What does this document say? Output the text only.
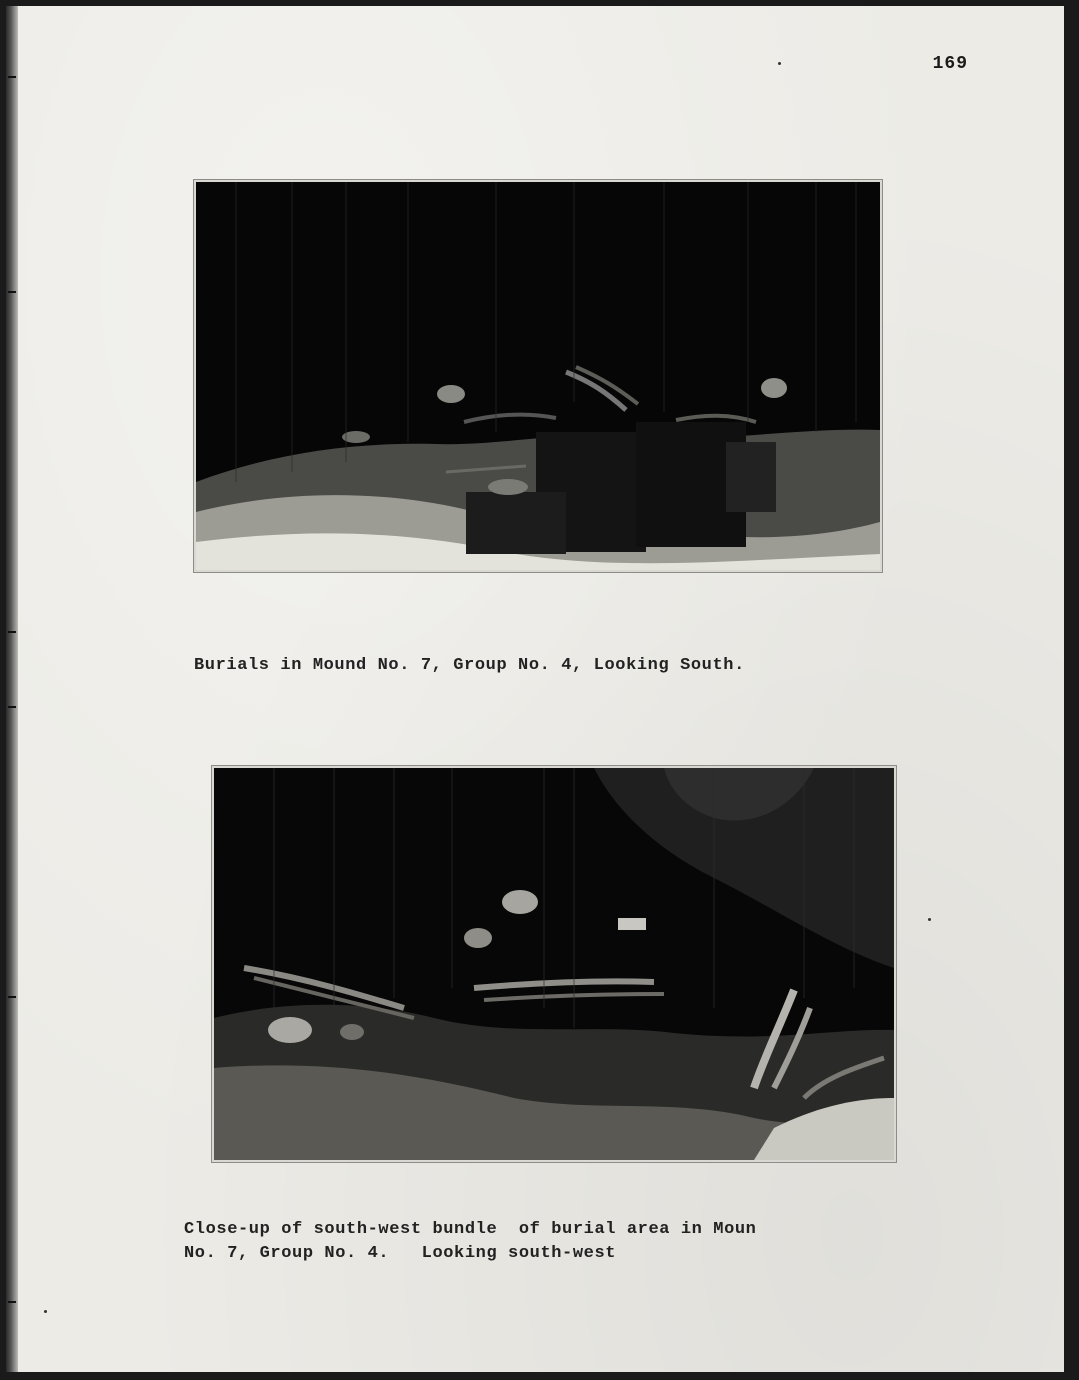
169
Burials in Mound No. 7, Group No. 4, Looking South.
Close-up of south-west bundle  of burial area in Moun
No. 7, Group No. 4.   Looking south-west
